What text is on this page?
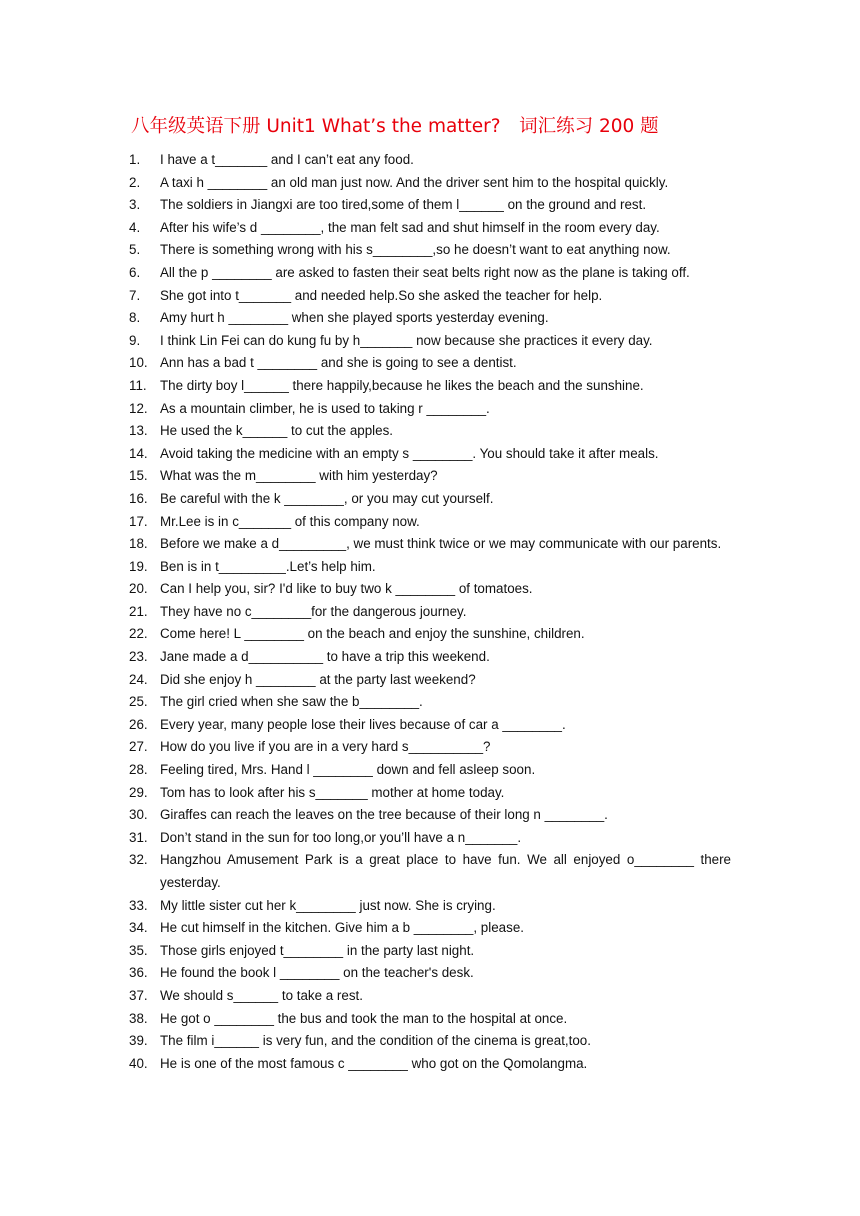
八年级英语下册 Unit1 What’s the matter?　词汇练习 200 题
1.	I have a t_______ and I can’t eat any food.
2.	A taxi h ________ an old man just now. And the driver sent him to the hospital quickly.
3.	The soldiers in Jiangxi are too tired,some of them l______ on the ground and rest.
4.	After his wife’s d ________, the man felt sad and shut himself in the room every day.
5.	There is something wrong with his s________,so he doesn’t want to eat anything now.
6.	All the p ________ are asked to fasten their seat belts right now as the plane is taking off.
7.	She got into t_______ and needed help.So she asked the teacher for help.
8.	Amy hurt h ________ when she played sports yesterday evening.
9.	I think Lin Fei can do kung fu by h_______ now because she practices it every day.
10. Ann has a bad t ________ and she is going to see a dentist.
11. The dirty boy l______ there happily,because he likes the beach and the sunshine.
12. As a mountain climber, he is used to taking r ________.
13. He used the k______ to cut the apples.
14. Avoid taking the medicine with an empty s ________. You should take it after meals.
15. What was the m________ with him yesterday?
16. Be careful with the k ________, or you may cut yourself.
17. Mr.Lee is in c_______ of this company now.
18. Before we make a d_________, we must think twice or we may communicate with our parents.
19. Ben is in t_________.Let’s help him.
20. Can I help you, sir? I'd like to buy two k ________ of tomatoes.
21. They have no c________for the dangerous journey.
22. Come here! L ________ on the beach and enjoy the sunshine, children.
23. Jane made a d__________ to have a trip this weekend.
24. Did she enjoy h ________ at the party last weekend?
25. The girl cried when she saw the b________.
26. Every year, many people lose their lives because of car a ________.
27. How do you live if you are in a very hard s__________?
28. Feeling tired, Mrs. Hand l ________ down and fell asleep soon.
29. Tom has to look after his s_______ mother at home today.
30. Giraffes can reach the leaves on the tree because of their long n ________.
31. Don’t stand in the sun for too long,or you’ll have a n_______.
32. Hangzhou Amusement Park is a great place to have fun. We all enjoyed o________ there yesterday.
33. My little sister cut her k________ just now. She is crying.
34. He cut himself in the kitchen. Give him a b ________, please.
35. Those girls enjoyed t________ in the party last night.
36. He found the book l ________ on the teacher's desk.
37. We should s______ to take a rest.
38. He got o ________ the bus and took the man to the hospital at once.
39. The film i______ is very fun, and the condition of the cinema is great,too.
40. He is one of the most famous c ________ who got on the Qomolangma.
